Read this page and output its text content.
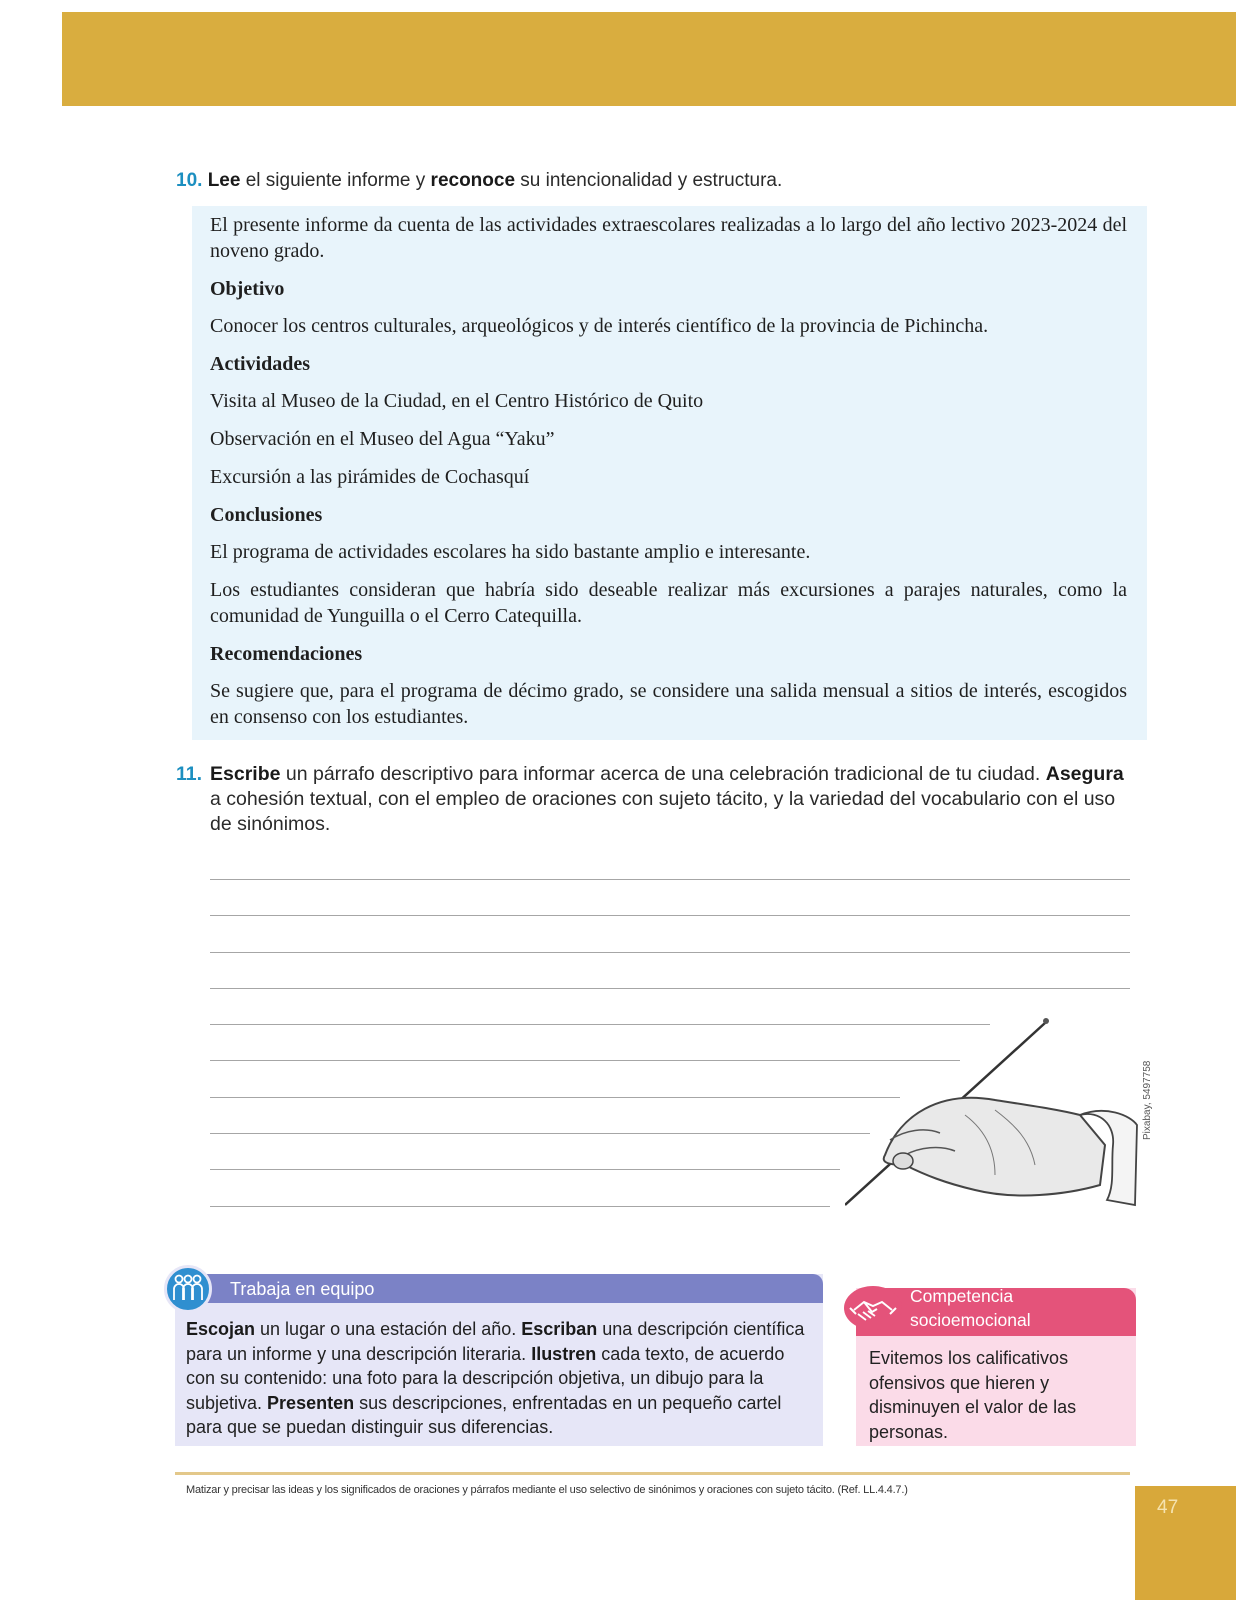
10. Lee el siguiente informe y reconoce su intencionalidad y estructura.

El presente informe da cuenta de las actividades extraescolares realizadas a lo largo del año lectivo 2023-2024 del noveno grado.

Objetivo

Conocer los centros culturales, arqueológicos y de interés científico de la provincia de Pichincha.

Actividades

Visita al Museo de la Ciudad, en el Centro Histórico de Quito

Observación en el Museo del Agua “Yaku”

Excursión a las pirámides de Cochasquí

Conclusiones

El programa de actividades escolares ha sido bastante amplio e interesante.

Los estudiantes consideran que habría sido deseable realizar más excursiones a parajes naturales, como la comunidad de Yunguilla o el Cerro Catequilla.

Recomendaciones

Se sugiere que, para el programa de décimo grado, se considere una salida mensual a sitios de interés, escogidos en consenso con los estudiantes.

11. Escribe un párrafo descriptivo para informar acerca de una celebración tradicional de tu ciudad. Asegura a cohesión textual, con el empleo de oraciones con sujeto tácito, y la variedad del vocabulario con el uso de sinónimos.
Pixabay, 5497758
Trabaja en equipo
Escojan un lugar o una estación del año. Escriban una descripción científica para un informe y una descripción literaria. Ilustren cada texto, de acuerdo con su contenido: una foto para la descripción objetiva, un dibujo para la subjetiva. Presenten sus descripciones, enfrentadas en un pequeño cartel para que se puedan distinguir sus diferencias.
Competencia
socioemocional
Evitemos los calificativos ofensivos que hieren y disminuyen el valor de las personas.
Matizar y precisar las ideas y los significados de oraciones y párrafos mediante el uso selectivo de sinónimos y oraciones con sujeto tácito. (Ref. LL.4.4.7.)
47
